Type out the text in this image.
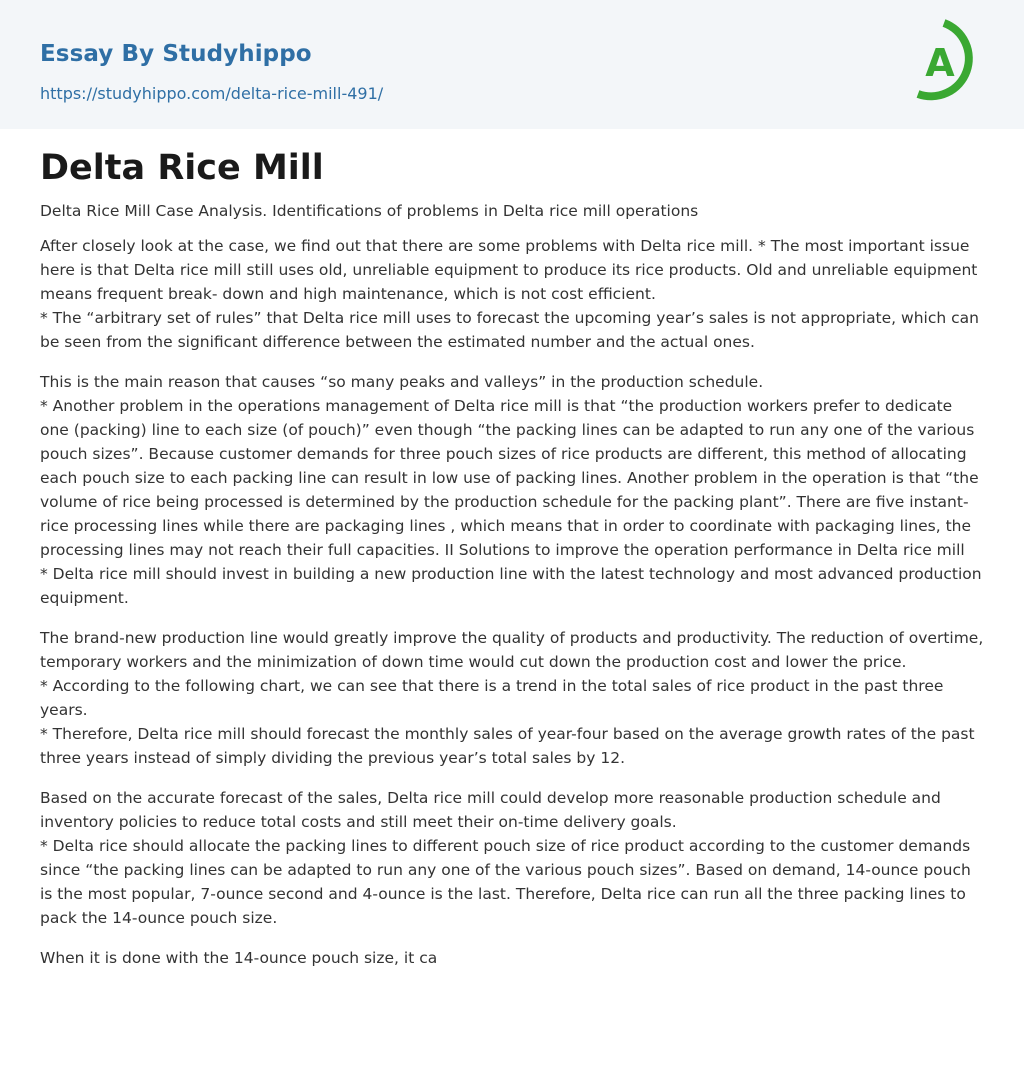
Essay By Studyhippo
https://studyhippo.com/delta-rice-mill-491/
A
Delta Rice Mill

Delta Rice Mill Case Analysis. Identifications of problems in Delta rice mill operations

After closely look at the case, we find out that there are some problems with Delta rice mill. * The most important issue here is that Delta rice mill still uses old, unreliable equipment to produce its rice products. Old and unreliable equipment means frequent break- down and high maintenance, which is not cost efficient.
* The “arbitrary set of rules” that Delta rice mill uses to forecast the upcoming year’s sales is not appropriate, which can be seen from the significant difference between the estimated number and the actual ones.
This is the main reason that causes “so many peaks and valleys” in the production schedule.
* Another problem in the operations management of Delta rice mill is that “the production workers prefer to dedicate one (packing) line to each size (of pouch)” even though “the packing lines can be adapted to run any one of the various pouch sizes”. Because customer demands for three pouch sizes of rice products are different, this method of allocating each pouch size to each packing line can result in low use of packing lines. Another problem in the operation is that “the volume of rice being processed is determined by the production schedule for the packing plant”. There are five instant-rice processing lines while there are packaging lines , which means that in order to coordinate with packaging lines, the processing lines may not reach their full capacities. II Solutions to improve the operation performance in Delta rice mill
* Delta rice mill should invest in building a new production line with the latest technology and most advanced production equipment.
The brand-new production line would greatly improve the quality of products and productivity. The reduction of overtime, temporary workers and the minimization of down time would cut down the production cost and lower the price.
* According to the following chart, we can see that there is a trend in the total sales of rice product in the past three years.
* Therefore, Delta rice mill should forecast the monthly sales of year-four based on the average growth rates of the past three years instead of simply dividing the previous year’s total sales by 12.
Based on the accurate forecast of the sales, Delta rice mill could develop more reasonable production schedule and inventory policies to reduce total costs and still meet their on-time delivery goals.
* Delta rice should allocate the packing lines to different pouch size of rice product according to the customer demands since “the packing lines can be adapted to run any one of the various pouch sizes”. Based on demand, 14-ounce pouch is the most popular, 7-ounce second and 4-ounce is the last. Therefore, Delta rice can run all the three packing lines to pack the 14-ounce pouch size.
When it is done with the 14-ounce pouch size, it ca
